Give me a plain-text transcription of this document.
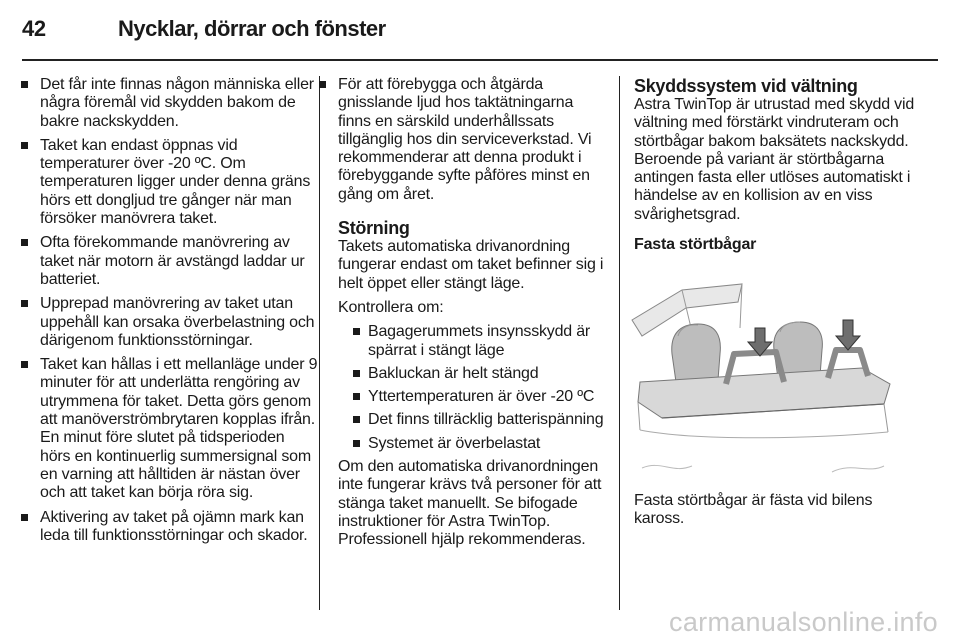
42	Nycklar, dörrar och fönster
Det får inte finnas någon människa eller några föremål vid skydden bakom de bakre nackskydden.
Taket kan endast öppnas vid temperaturer över -20 ºC. Om temperaturen ligger under denna gräns hörs ett dongljud tre gånger när man försöker manövrera taket.
Ofta förekommande manövrering av taket när motorn är avstängd laddar ur batteriet.
Upprepad manövrering av taket utan uppehåll kan orsaka överbelastning och därigenom funktionsstörningar.
Taket kan hållas i ett mellanläge under 9 minuter för att underlätta rengöring av utrymmena för taket. Detta görs genom att manöverströmbrytaren kopplas ifrån.
En minut före slutet på tidsperioden hörs en kontinuerlig summersignal som en varning att hålltiden är nästan över och att taket kan börja röra sig.
Aktivering av taket på ojämn mark kan leda till funktionsstörningar och skador.
För att förebygga och åtgärda gnisslande ljud hos taktätningarna finns en särskild underhållssats tillgänglig hos din serviceverkstad. Vi rekommenderar att denna produkt i förebyggande syfte påföres minst en gång om året.
Störning
Takets automatiska drivanordning fungerar endast om taket befinner sig i helt öppet eller stängt läge.
Kontrollera om:
Bagagerummets insynsskydd är spärrat i stängt läge
Bakluckan är helt stängd
Yttertemperaturen är över -20 ºC
Det finns tillräcklig batterispänning
Systemet är överbelastat
Om den automatiska drivanordningen inte fungerar krävs två personer för att stänga taket manuellt. Se bifogade instruktioner för Astra TwinTop. Professionell hjälp rekommenderas.
Skyddssystem vid vältning
Astra TwinTop är utrustad med skydd vid vältning med förstärkt vindruteram och störtbågar bakom baksätets nackskydd. Beroende på variant är störtbågarna antingen fasta eller utlöses automatiskt i händelse av en kollision av en viss svårighetsgrad.
Fasta störtbågar
Fasta störtbågar är fästa vid bilens kaross.
carmanualsonline.info
